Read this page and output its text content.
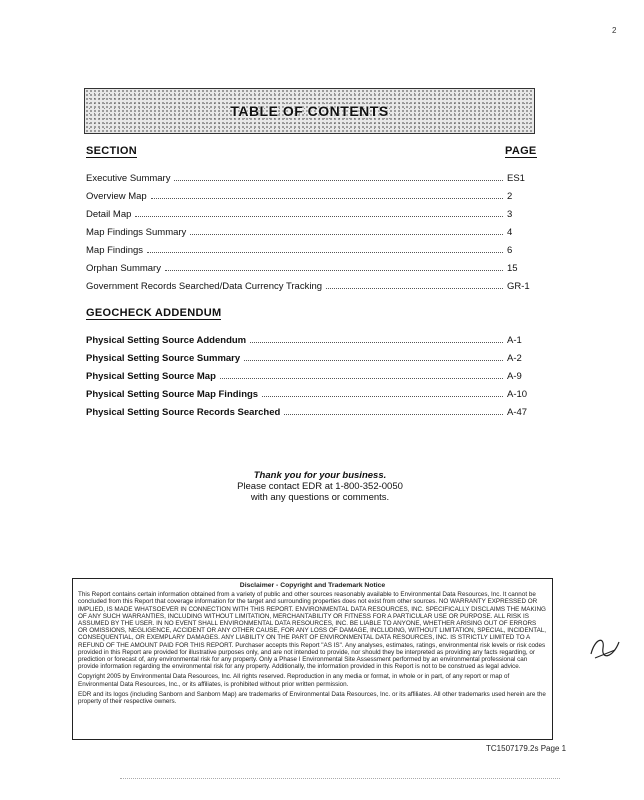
2
TABLE OF CONTENTS
SECTION	PAGE
Executive Summary	ES1
Overview Map	2
Detail Map	3
Map Findings Summary	4
Map Findings	6
Orphan Summary	15
Government Records Searched/Data Currency Tracking	GR-1
GEOCHECK ADDENDUM
Physical Setting Source Addendum	A-1
Physical Setting Source Summary	A-2
Physical Setting Source Map	A-9
Physical Setting Source Map Findings	A-10
Physical Setting Source Records Searched	A-47
Thank you for your business.
Please contact EDR at 1-800-352-0050
with any questions or comments.
Disclaimer - Copyright and Trademark Notice

This Report contains certain information obtained from a variety of public and other sources reasonably available to Environmental Data Resources, Inc. It cannot be concluded from this Report that coverage information for the target and surrounding properties does not exist from other sources. NO WARRANTY EXPRESSED OR IMPLIED, IS MADE WHATSOEVER IN CONNECTION WITH THIS REPORT. ENVIRONMENTAL DATA RESOURCES, INC. SPECIFICALLY DISCLAIMS THE MAKING OF ANY SUCH WARRANTIES, INCLUDING WITHOUT LIMITATION, MERCHANTABILITY OR FITNESS FOR A PARTICULAR USE OR PURPOSE. ALL RISK IS ASSUMED BY THE USER. IN NO EVENT SHALL ENVIRONMENTAL DATA RESOURCES, INC. BE LIABLE TO ANYONE, WHETHER ARISING OUT OF ERRORS OR OMISSIONS, NEGLIGENCE, ACCIDENT OR ANY OTHER CAUSE, FOR ANY LOSS OF DAMAGE, INCLUDING, WITHOUT LIMITATION, SPECIAL, INCIDENTAL, CONSEQUENTIAL, OR EXEMPLARY DAMAGES. ANY LIABILITY ON THE PART OF ENVIRONMENTAL DATA RESOURCES, INC. IS STRICTLY LIMITED TO A REFUND OF THE AMOUNT PAID FOR THIS REPORT. Purchaser accepts this Report "AS IS". Any analyses, estimates, ratings, environmental risk levels or risk codes provided in this Report are provided for illustrative purposes only, and are not intended to provide, nor should they be interpreted as providing any facts regarding, or prediction or forecast of, any environmental risk for any property. Only a Phase I Environmental Site Assessment performed by an environmental professional can provide information regarding the environmental risk for any property. Additionally, the information provided in this Report is not to be construed as legal advice.

Copyright 2005 by Environmental Data Resources, Inc. All rights reserved. Reproduction in any media or format, in whole or in part, of any report or map of Environmental Data Resources, Inc., or its affiliates, is prohibited without prior written permission.

EDR and its logos (including Sanborn and Sanborn Map) are trademarks of Environmental Data Resources, Inc. or its affiliates. All other trademarks used herein are the property of their respective owners.

TC1507179.2s Page 1
